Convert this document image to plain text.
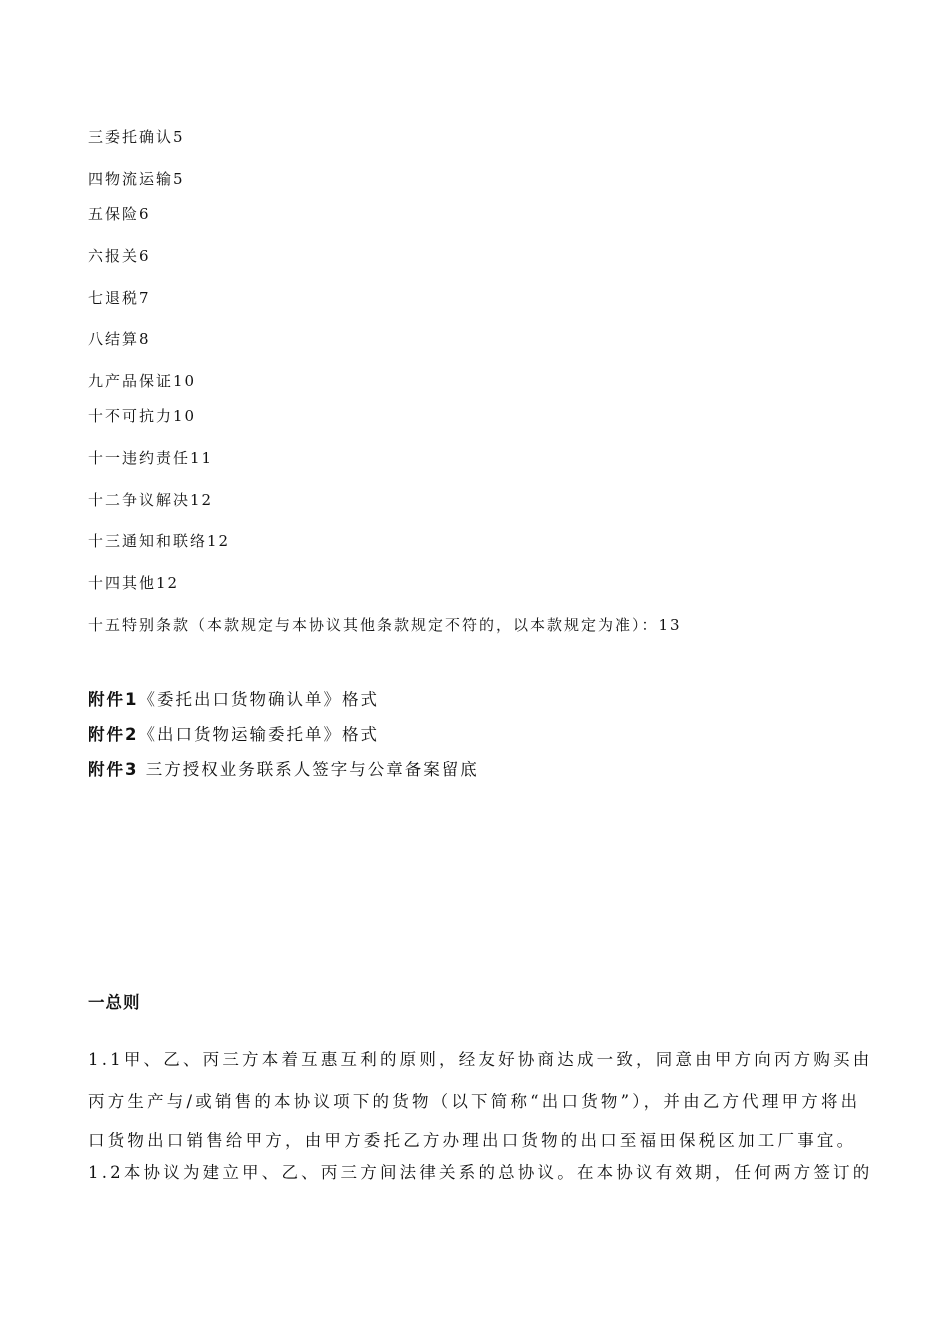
三委托确认5
四物流运输5
五保险6
六报关6
七退税7
八结算8
九产品保证10
十不可抗力10
十一违约责任11
十二争议解决12
十三通知和联络12
十四其他12
十五特别条款（本款规定与本协议其他条款规定不符的，以本款规定为准）：13
附件1《委托出口货物确认单》格式
附件2《出口货物运输委托单》格式
附件3 三方授权业务联系人签字与公章备案留底
一总则
1.1甲、乙、丙三方本着互惠互利的原则，经友好协商达成一致，同意由甲方向丙方购买由
丙方生产与/或销售的本协议项下的货物（以下简称“出口货物”），并由乙方代理甲方将出
口货物出口销售给甲方，由甲方委托乙方办理出口货物的出口至福田保税区加工厂事宜。
1.2本协议为建立甲、乙、丙三方间法律关系的总协议。在本协议有效期，任何两方签订的
